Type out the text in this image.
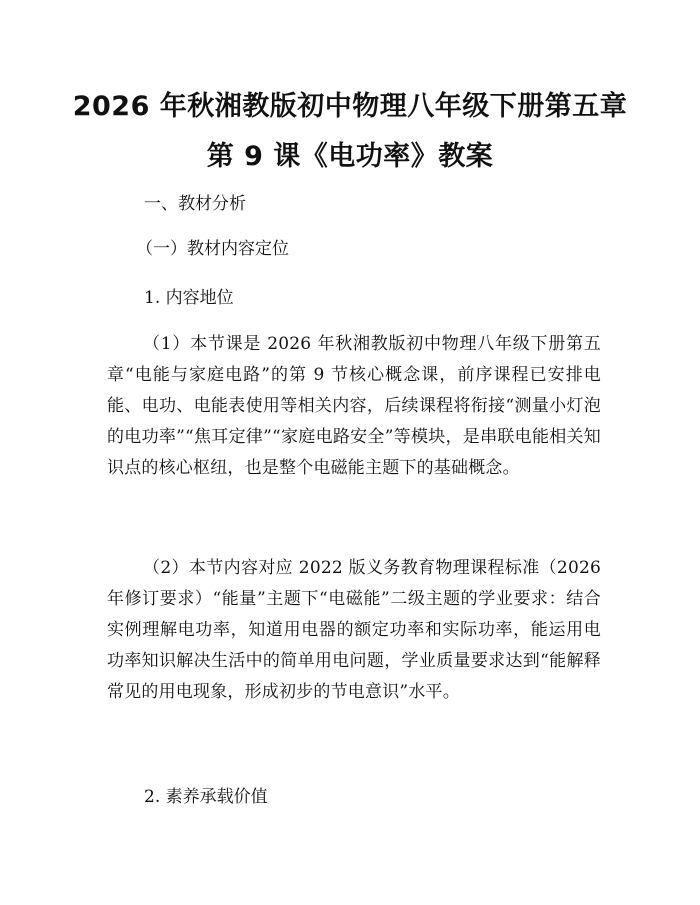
2026 年秋湘教版初中物理八年级下册第五章
第 9 课《电功率》教案
一、教材分析
（一）教材内容定位
1. 内容地位
（1）本节课是 2026 年秋湘教版初中物理八年级下册第五章“电能与家庭电路”的第 9 节核心概念课，前序课程已安排电能、电功、电能表使用等相关内容，后续课程将衔接“测量小灯泡的电功率”“焦耳定律”“家庭电路安全”等模块，是串联电能相关知识点的核心枢纽，也是整个电磁能主题下的基础概念。
（2）本节内容对应 2022 版义务教育物理课程标准（2026 年修订要求）“能量”主题下“电磁能”二级主题的学业要求：结合实例理解电功率，知道用电器的额定功率和实际功率，能运用电功率知识解决生活中的简单用电问题，学业质量要求达到“能解释常见的用电现象，形成初步的节电意识”水平。
2. 素养承载价值
